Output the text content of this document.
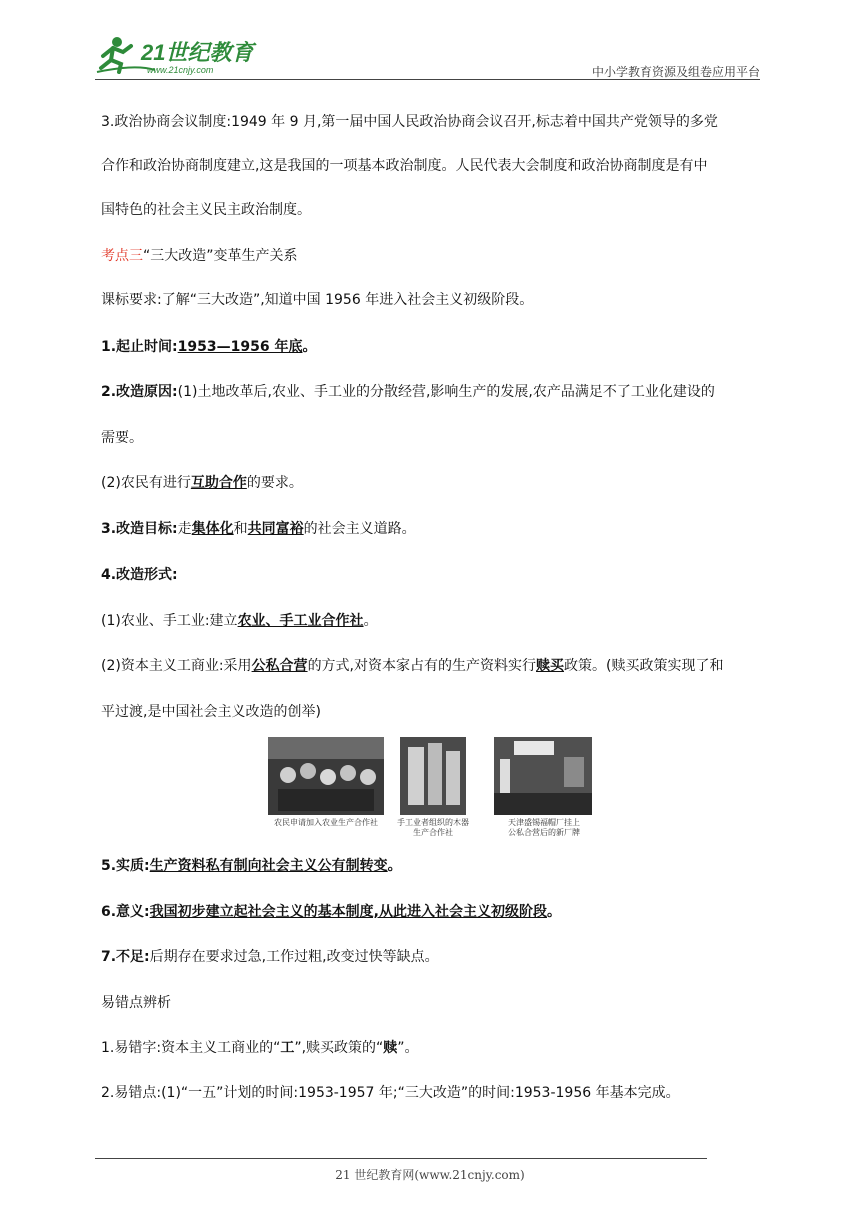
21世纪教育
www.21cnjy.com	中小学教育资源及组卷应用平台
3.政治协商会议制度:1949 年 9 月,第一届中国人民政治协商会议召开,标志着中国共产党领导的多党
合作和政治协商制度建立,这是我国的一项基本政治制度。人民代表大会制度和政治协商制度是有中
国特色的社会主义民主政治制度。
考点三“三大改造”变革生产关系
课标要求:了解“三大改造”,知道中国 1956 年进入社会主义初级阶段。
1.起止时间:1953—1956 年底。
2.改造原因:(1)土地改革后,农业、手工业的分散经营,影响生产的发展,农产品满足不了工业化建设的
需要。
(2)农民有进行互助合作的要求。
3.改造目标:走集体化和共同富裕的社会主义道路。
4.改造形式:
(1)农业、手工业:建立农业、手工业合作社。
(2)资本主义工商业:采用公私合营的方式,对资本家占有的生产资料实行赎买政策。(赎买政策实现了和
平过渡,是中国社会主义改造的创举)
5.实质:生产资料私有制向社会主义公有制转变。
6.意义:我国初步建立起社会主义的基本制度,从此进入社会主义初级阶段。
7.不足:后期存在要求过急,工作过粗,改变过快等缺点。
易错点辨析
1.易错字:资本主义工商业的“工”,赎买政策的“赎”。
2.易错点:(1)“一五”计划的时间:1953-1957 年;“三大改造”的时间:1953-1956 年基本完成。
农民申请加入农业生产合作社	手工业者组织的木器
生产合作社
天津盛锡福帽厂挂上
公私合营后的新厂牌
21 世纪教育网(www.21cnjy.com)
